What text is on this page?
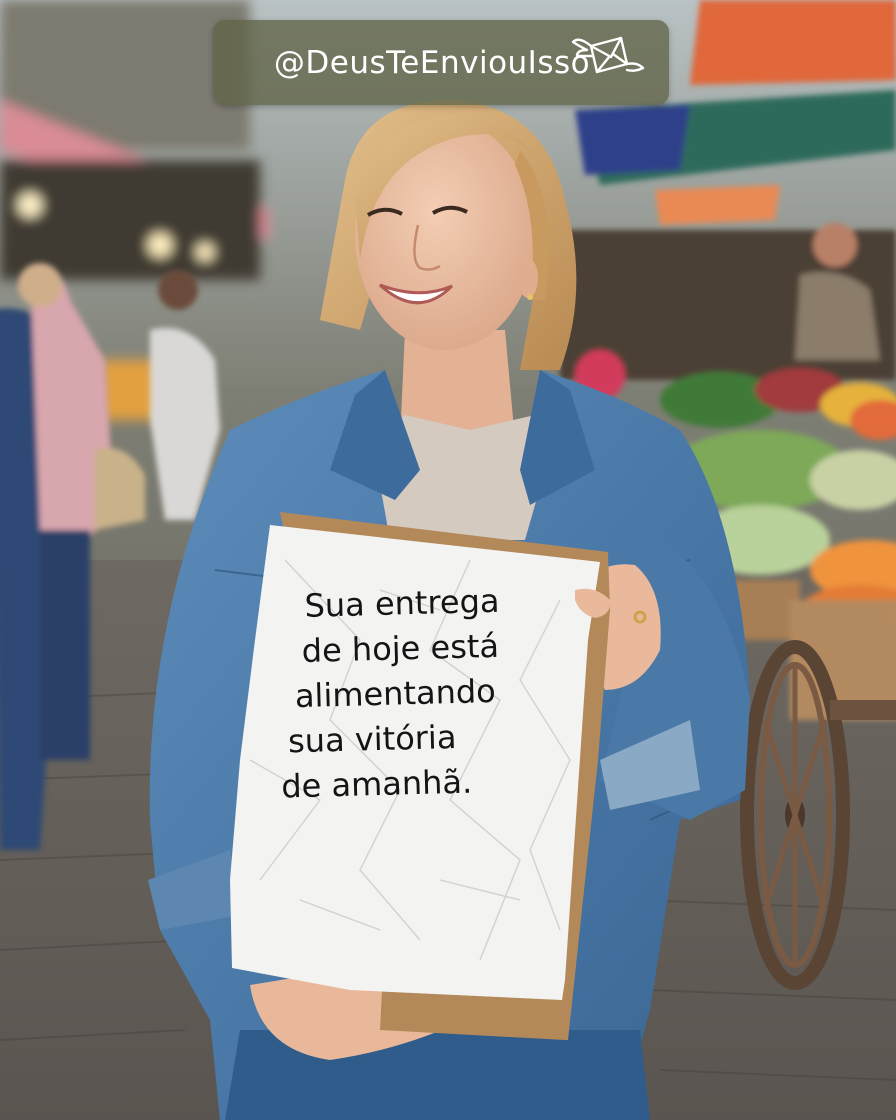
Sua entrega
de hoje está
alimentando
sua vitória
de amanhã.
@DeusTeEnviouIsso
